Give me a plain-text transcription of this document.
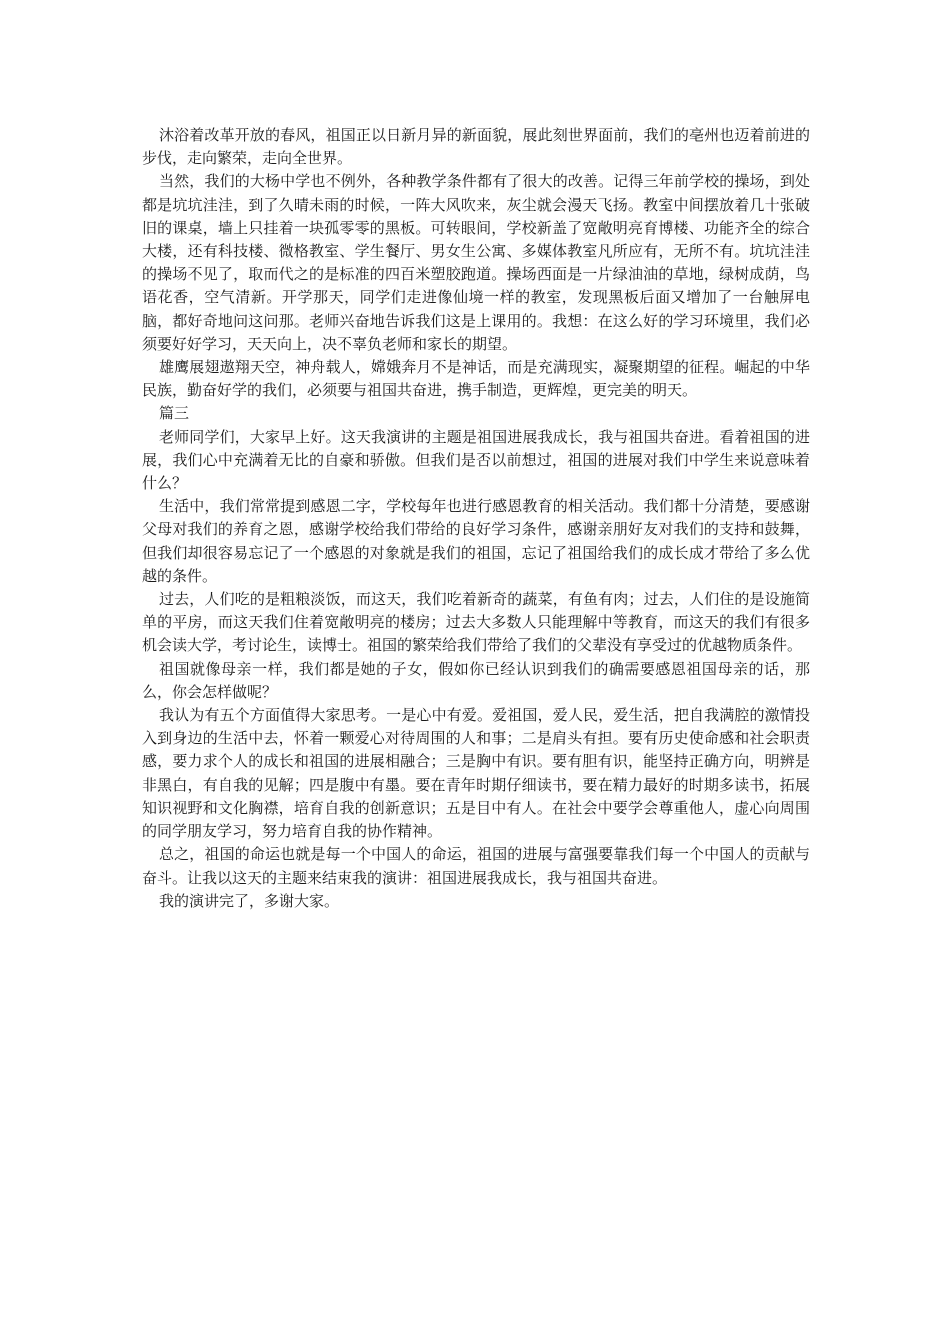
沐浴着改革开放的春风，祖国正以日新月异的新面貌，展此刻世界面前，我们的亳州也迈着前进的步伐，走向繁荣，走向全世界。

当然，我们的大杨中学也不例外，各种教学条件都有了很大的改善。记得三年前学校的操场，到处都是坑坑洼洼，到了久晴未雨的时候，一阵大风吹来，灰尘就会漫天飞扬。教室中间摆放着几十张破旧的课桌，墙上只挂着一块孤零零的黑板。可转眼间，学校新盖了宽敞明亮育博楼、功能齐全的综合大楼，还有科技楼、微格教室、学生餐厅、男女生公寓、多媒体教室凡所应有，无所不有。坑坑洼洼的操场不见了，取而代之的是标准的四百米塑胶跑道。操场西面是一片绿油油的草地，绿树成荫，鸟语花香，空气清新。开学那天，同学们走进像仙境一样的教室，发现黑板后面又增加了一台触屏电脑，都好奇地问这问那。老师兴奋地告诉我们这是上课用的。我想：在这么好的学习环境里，我们必须要好好学习，天天向上，决不辜负老师和家长的期望。

雄鹰展翅遨翔天空，神舟载人，嫦娥奔月不是神话，而是充满现实，凝聚期望的征程。崛起的中华民族，勤奋好学的我们，必须要与祖国共奋进，携手制造，更辉煌，更完美的明天。

篇三

老师同学们，大家早上好。这天我演讲的主题是祖国进展我成长，我与祖国共奋进。看着祖国的进展，我们心中充满着无比的自豪和骄傲。但我们是否以前想过，祖国的进展对我们中学生来说意味着什么？

生活中，我们常常提到感恩二字，学校每年也进行感恩教育的相关活动。我们都十分清楚，要感谢父母对我们的养育之恩，感谢学校给我们带给的良好学习条件，感谢亲朋好友对我们的支持和鼓舞，但我们却很容易忘记了一个感恩的对象就是我们的祖国，忘记了祖国给我们的成长成才带给了多么优越的条件。

过去，人们吃的是粗粮淡饭，而这天，我们吃着新奇的蔬菜，有鱼有肉；过去，人们住的是设施简单的平房，而这天我们住着宽敞明亮的楼房；过去大多数人只能理解中等教育，而这天的我们有很多机会读大学，考讨论生，读博士。祖国的繁荣给我们带给了我们的父辈没有享受过的优越物质条件。

祖国就像母亲一样，我们都是她的子女，假如你已经认识到我们的确需要感恩祖国母亲的话，那么，你会怎样做呢？

我认为有五个方面值得大家思考。一是心中有爱。爱祖国，爱人民，爱生活，把自我满腔的激情投入到身边的生活中去，怀着一颗爱心对待周围的人和事；二是肩头有担。要有历史使命感和社会职责感，要力求个人的成长和祖国的进展相融合；三是胸中有识。要有胆有识，能坚持正确方向，明辨是非黑白，有自我的见解；四是腹中有墨。要在青年时期仔细读书，要在精力最好的时期多读书，拓展知识视野和文化胸襟，培育自我的创新意识；五是目中有人。在社会中要学会尊重他人，虚心向周围的同学朋友学习，努力培育自我的协作精神。

总之，祖国的命运也就是每一个中国人的命运，祖国的进展与富强要靠我们每一个中国人的贡献与奋斗。让我以这天的主题来结束我的演讲：祖国进展我成长，我与祖国共奋进。

我的演讲完了，多谢大家。
